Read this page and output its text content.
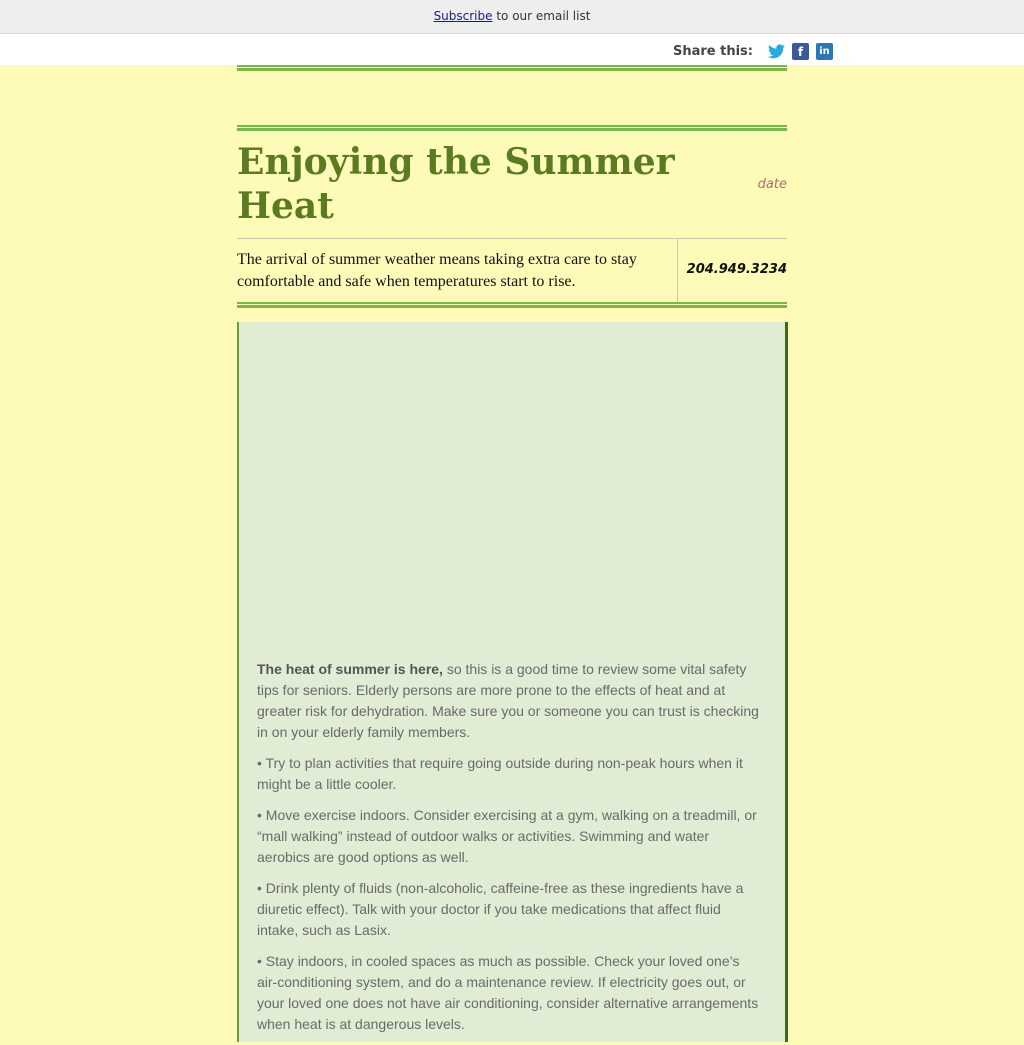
Subscribe to our email list
Share this:	f	in
Enjoying the Summer Heat
date
The arrival of summer weather means taking extra care to stay comfortable and safe when temperatures start to rise.
204.949.3234

The heat of summer is here, so this is a good time to review some vital safety tips for seniors. Elderly persons are more prone to the effects of heat and at greater risk for dehydration. Make sure you or someone you can trust is checking in on your elderly family members.

• Try to plan activities that require going outside during non-peak hours when it might be a little cooler.

• Move exercise indoors. Consider exercising at a gym, walking on a treadmill, or “mall walking” instead of outdoor walks or activities. Swimming and water aerobics are good options as well.

• Drink plenty of fluids (non-alcoholic, caffeine-free as these ingredients have a diuretic effect). Talk with your doctor if you take medications that affect fluid intake, such as Lasix.

• Stay indoors, in cooled spaces as much as possible. Check your loved one’s air-conditioning system, and do a maintenance review. If electricity goes out, or your loved one does not have air conditioning, consider alternative arrangements when heat is at dangerous levels.
